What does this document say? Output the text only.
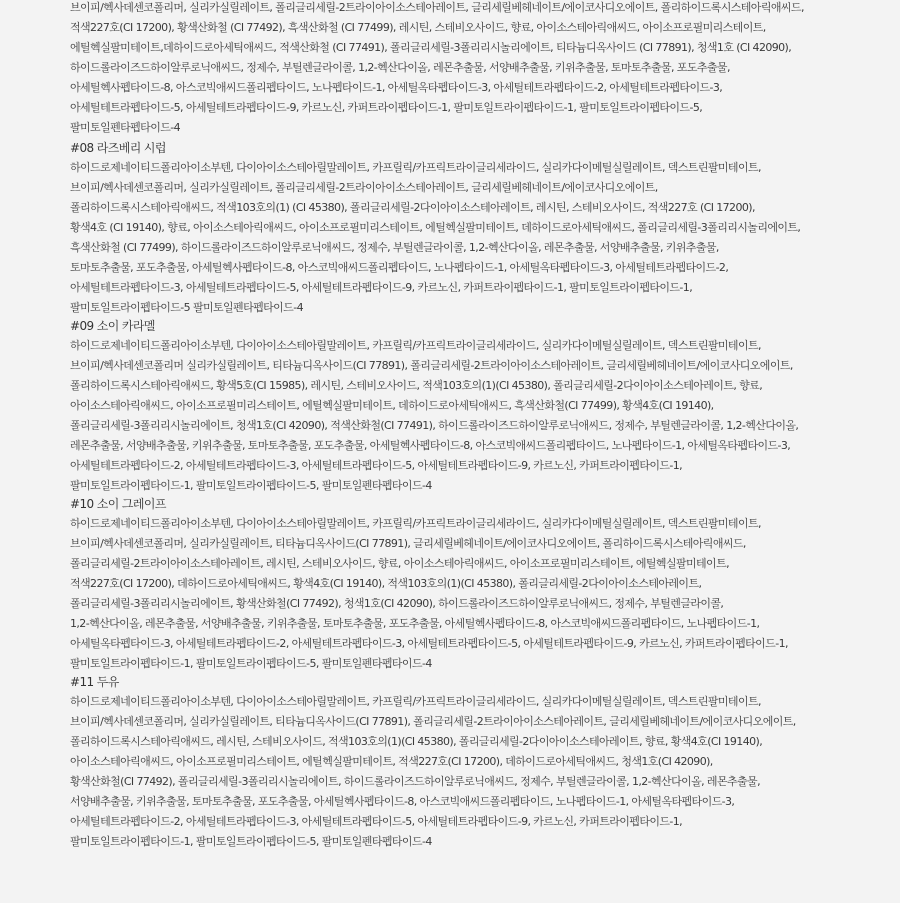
브이피/헥사데센코폴리머, 실리카실릴레이트, 폴리글리세릴-2트라이아이소스테아레이트, 글리세릴베헤네이트/에이코사디오에이트, 폴리하이드록시스테아릭애씨드,
적색227호(CI 17200), 황색산화철 (CI 77492), 흑색산화철 (CI 77499), 레시틴, 스테비오사이드, 향료, 아이소스테아릭애씨드, 아이소프로필미리스테이트,
에틸헥실팔미테이트,데하이드로아세틱애씨드, 적색산화철 (CI 77491), 폴리글리세릴-3폴리리시놀리에이트, 티타늄디옥사이드 (CI 77891), 청색1호 (CI 42090),
하이드롤라이즈드하이알루로닉애씨드, 정제수, 부틸렌글라이콜, 1,2-헥산다이올, 레몬추출물, 서양배추출물, 키위추출물, 토마토추출물, 포도추출물,
아세틸헥사펩타이드-8, 아스코빅애씨드폴리펩타이드, 노나펩타이드-1, 아세틸옥타펩타이드-3, 아세틸테트라펩타이드-2, 아세틸테트라펩타이드-3,
아세틸테트라펩타이드-5, 아세틸테트라펩타이드-9, 카르노신, 카퍼트라이펩타이드-1, 팔미토일트라이펩타이드-1, 팔미토일트라이펩타이드-5,
팔미토일펜타펩타이드-4
#08 라즈베리 시럽
하이드로제네이티드폴리아이소부텐, 다이아이소스테아릴말레이트, 카프릴릭/카프릭트라이글리세라이드, 실리카다이메틸실릴레이트, 덱스트린팔미테이트,
브이피/헥사데센코폴리머, 실리카실릴레이트, 폴리글리세릴-2트라이아이소스테아레이트, 글리세릴베헤네이트/에이코사디오에이트,
폴리하이드록시스테아릭애씨드, 적색103호의(1) (CI 45380), 폴리글리세릴-2다이아이소스테아레이트, 레시틴, 스테비오사이드, 적색227호 (CI 17200),
황색4호 (CI 19140), 향료, 아이소스테아릭애씨드, 아이소프로필미리스테이트, 에틸헥실팔미테이트, 데하이드로아세틱애씨드, 폴리글리세릴-3폴리리시놀리에이트,
흑색산화철 (CI 77499), 하이드롤라이즈드하이알루로닉애씨드, 정제수, 부틸렌글라이콜, 1,2-헥산다이올, 레몬추출물, 서양배추출물, 키위추출물,
토마토추출물, 포도추출물, 아세틸헥사펩타이드-8, 아스코빅애씨드폴리펩타이드, 노나펩타이드-1, 아세틸옥타펩타이드-3, 아세틸테트라펩타이드-2,
아세틸테트라펩타이드-3, 아세틸테트라펩타이드-5, 아세틸테트라펩타이드-9, 카르노신, 카퍼트라이펩타이드-1, 팔미토일트라이펩타이드-1,
팔미토일트라이펩타이드-5 팔미토일펜타펩타이드-4
#09 소이 카라멜
하이드로제네이티드폴리아이소부텐, 다이아이소스테아릴말레이트, 카프릴릭/카프릭트라이글리세라이드, 실리카다이메틸실릴레이트, 덱스트린팔미테이트,
브이피/헥사데센코폴리머 실리카실릴레이트, 티타늄디옥사이드(CI 77891), 폴리글리세릴-2트라이아이소스테아레이트, 글리세릴베헤네이트/에이코사디오에이트,
폴리하이드록시스테아릭애씨드, 황색5호(CI 15985), 레시틴, 스테비오사이드, 적색103호의(1)(CI 45380), 폴리글리세릴-2다이아이소스테아레이트, 향료,
아이소스테아릭애씨드, 아이소프로필미리스테이트, 에틸헥실팔미테이트, 데하이드로아세틱애씨드, 흑색산화철(CI 77499), 황색4호(CI 19140),
폴리글리세릴-3폴리리시놀리에이트, 청색1호(CI 42090), 적색산화철(CI 77491), 하이드롤라이즈드하이알루로닉애씨드, 정제수, 부틸렌글라이콜, 1,2-헥산다이올,
레몬추출물, 서양배추출물, 키위추출물, 토마토추출물, 포도추출물, 아세틸헥사펩타이드-8, 아스코빅애씨드폴리펩타이드, 노나펩타이드-1, 아세틸옥타펩타이드-3,
아세틸테트라펩타이드-2, 아세틸테트라펩타이드-3, 아세틸테트라펩타이드-5, 아세틸테트라펩타이드-9, 카르노신, 카퍼트라이펩타이드-1,
팔미토일트라이펩타이드-1, 팔미토일트라이펩타이드-5, 팔미토일펜타펩타이드-4
#10 소이 그레이프
하이드로제네이티드폴리아이소부텐, 다이아이소스테아릴말레이트, 카프릴릭/카프릭트라이글리세라이드, 실리카다이메틸실릴레이트, 덱스트린팔미테이트,
브이피/헥사데센코폴리머, 실리카실릴레이트, 티타늄디옥사이드(CI 77891), 글리세릴베헤네이트/에이코사디오에이트, 폴리하이드록시스테아릭애씨드,
폴리글리세릴-2트라이아이소스테아레이트, 레시틴, 스테비오사이드, 향료, 아이소스테아릭애씨드, 아이소프로필미리스테이트, 에틸헥실팔미테이트,
적색227호(CI 17200), 데하이드로아세틱애씨드, 황색4호(CI 19140), 적색103호의(1)(CI 45380), 폴리글리세릴-2다이아이소스테아레이트,
폴리글리세릴-3폴리리시놀리에이트, 황색산화철(CI 77492), 청색1호(CI 42090), 하이드롤라이즈드하이알루로닉애씨드, 정제수, 부틸렌글라이콜,
1,2-헥산다이올, 레몬추출물, 서양배추출물, 키위추출물, 토마토추출물, 포도추출물, 아세틸헥사펩타이드-8, 아스코빅애씨드폴리펩타이드, 노나펩타이드-1,
아세틸옥타펩타이드-3, 아세틸테트라펩타이드-2, 아세틸테트라펩타이드-3, 아세틸테트라펩타이드-5, 아세틸테트라펩타이드-9, 카르노신, 카퍼트라이펩타이드-1,
팔미토일트라이펩타이드-1, 팔미토일트라이펩타이드-5, 팔미토일펜타펩타이드-4
#11 두유
하이드로제네이티드폴리아이소부텐, 다이아이소스테아릴말레이트, 카프릴릭/카프릭트라이글리세라이드, 실리카다이메틸실릴레이트, 덱스트린팔미테이트,
브이피/헥사데센코폴리머, 실리카실릴레이트, 티타늄디옥사이드(CI 77891), 폴리글리세릴-2트라이아이소스테아레이트, 글리세릴베헤네이트/에이코사디오에이트,
폴리하이드록시스테아릭애씨드, 레시틴, 스테비오사이드, 적색103호의(1)(CI 45380), 폴리글리세릴-2다이아이소스테아레이트, 향료, 황색4호(CI 19140),
아이소스테아릭애씨드, 아이소프로필미리스테이트, 에틸헥실팔미테이트, 적색227호(CI 17200), 데하이드로아세틱애씨드, 청색1호(CI 42090),
황색산화철(CI 77492), 폴리글리세릴-3폴리리시놀리에이트, 하이드롤라이즈드하이알루로닉애씨드, 정제수, 부틸렌글라이콜, 1,2-헥산다이올, 레몬추출물,
서양배추출물, 키위추출물, 토마토추출물, 포도추출물, 아세틸헥사펩타이드-8, 아스코빅애씨드폴리펩타이드, 노나펩타이드-1, 아세틸옥타펩타이드-3,
아세틸테트라펩타이드-2, 아세틸테트라펩타이드-3, 아세틸테트라펩타이드-5, 아세틸테트라펩타이드-9, 카르노신, 카퍼트라이펩타이드-1,
팔미토일트라이펩타이드-1, 팔미토일트라이펩타이드-5, 팔미토일펜타펩타이드-4
